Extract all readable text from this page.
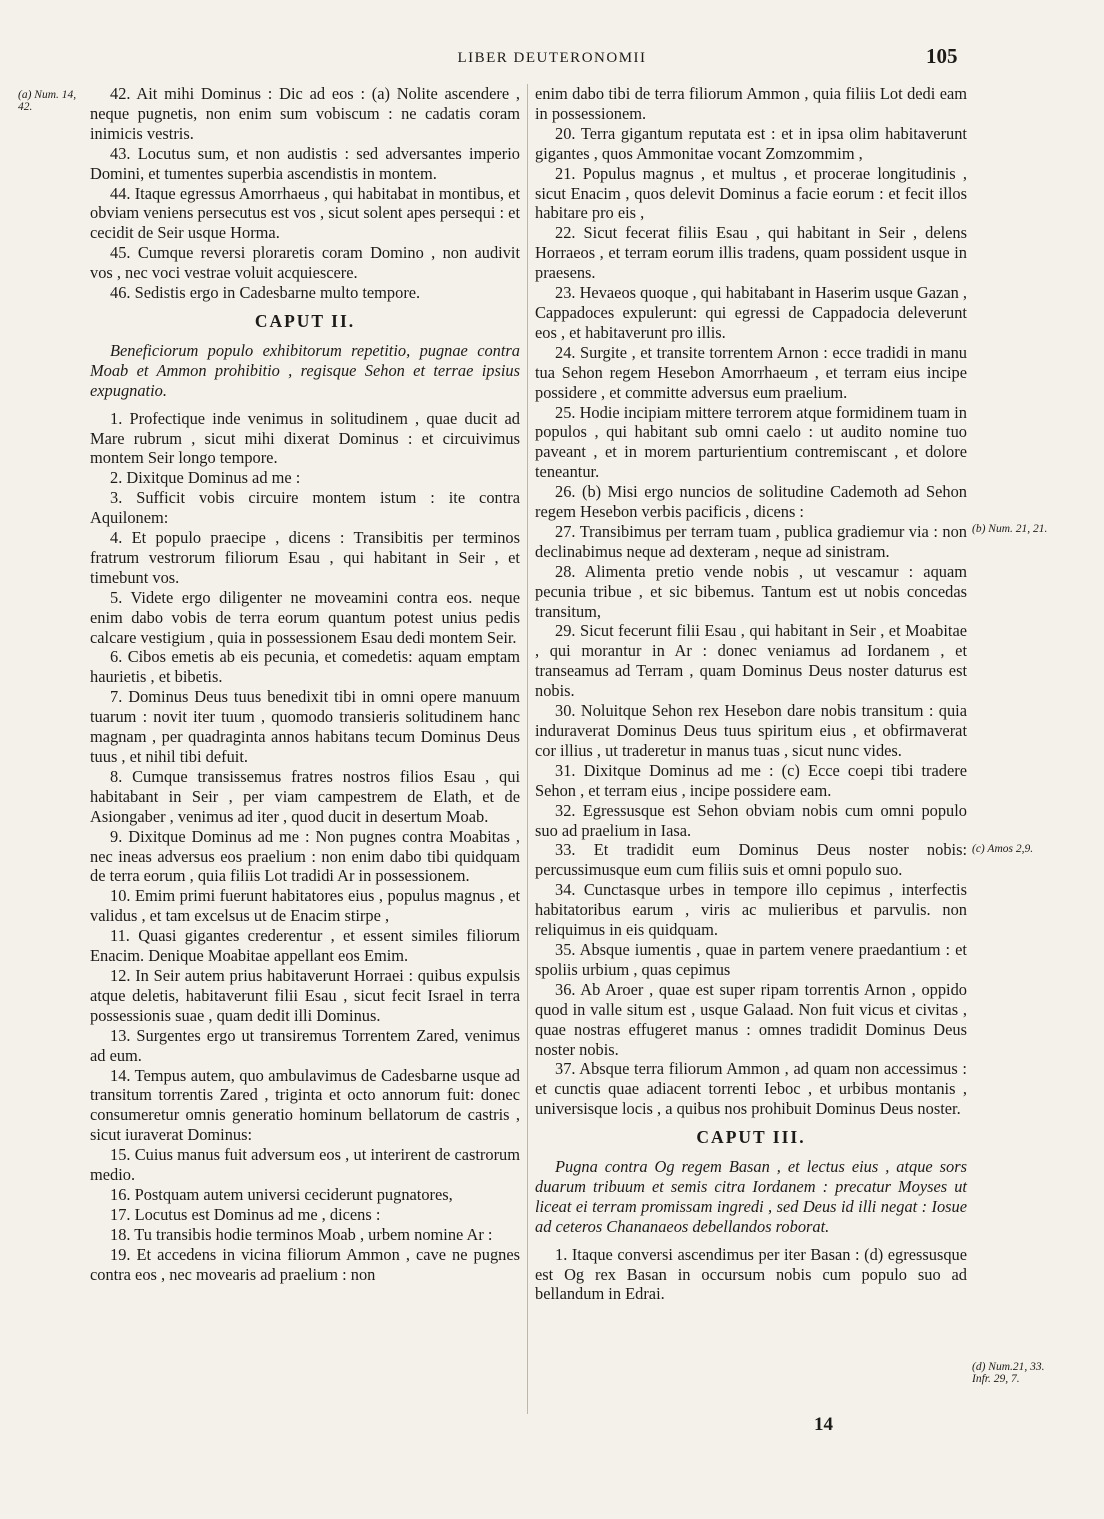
LIBER DEUTERONOMII	105
(a) Num. 14, 42.
(b) Num. 21, 21.
(c) Amos 2,9.
(d) Num.21, 33. Infr. 29, 7.

42. Ait mihi Dominus : Dic ad eos : (a) Nolite ascendere , neque pugnetis, non enim sum vobiscum : ne cadatis coram inimicis vestris.

43. Locutus sum, et non audistis : sed adversantes imperio Domini, et tumentes superbia ascendistis in montem.

44. Itaque egressus Amorrhaeus , qui habitabat in montibus, et obviam veniens persecutus est vos , sicut solent apes persequi : et cecidit de Seir usque Horma.

45. Cumque reversi ploraretis coram Domino , non audivit vos , nec voci vestrae voluit acquiescere.

46. Sedistis ergo in Cadesbarne multo tempore.

CAPUT II.

Beneficiorum populo exhibitorum repetitio, pugnae contra Moab et Ammon prohibitio , regisque Sehon et terrae ipsius expugnatio.

1. Profectique inde venimus in solitudinem , quae ducit ad Mare rubrum , sicut mihi dixerat Dominus : et circuivimus montem Seir longo tempore.

2. Dixitque Dominus ad me :

3. Sufficit vobis circuire montem istum : ite contra Aquilonem:

4. Et populo praecipe , dicens : Transibitis per terminos fratrum vestrorum filiorum Esau , qui habitant in Seir , et timebunt vos.

5. Videte ergo diligenter ne moveamini contra eos. neque enim dabo vobis de terra eorum quantum potest unius pedis calcare vestigium , quia in possessionem Esau dedi montem Seir.

6. Cibos emetis ab eis pecunia, et comedetis: aquam emptam haurietis , et bibetis.

7. Dominus Deus tuus benedixit tibi in omni opere manuum tuarum : novit iter tuum , quomodo transieris solitudinem hanc magnam , per quadraginta annos habitans tecum Dominus Deus tuus , et nihil tibi defuit.

8. Cumque transissemus fratres nostros filios Esau , qui habitabant in Seir , per viam campestrem de Elath, et de Asiongaber , venimus ad iter , quod ducit in desertum Moab.

9. Dixitque Dominus ad me : Non pugnes contra Moabitas , nec ineas adversus eos praelium : non enim dabo tibi quidquam de terra eorum , quia filiis Lot tradidi Ar in possessionem.

10. Emim primi fuerunt habitatores eius , populus magnus , et validus , et tam excelsus ut de Enacim stirpe ,

11. Quasi gigantes crederentur , et essent similes filiorum Enacim. Denique Moabitae appellant eos Emim.

12. In Seir autem prius habitaverunt Horraei : quibus expulsis atque deletis, habitaverunt filii Esau , sicut fecit Israel in terra possessionis suae , quam dedit illi Dominus.

13. Surgentes ergo ut transiremus Torrentem Zared, venimus ad eum.

14. Tempus autem, quo ambulavimus de Cadesbarne usque ad transitum torrentis Zared , triginta et octo annorum fuit: donec consumeretur omnis generatio hominum bellatorum de castris , sicut iuraverat Dominus:

15. Cuius manus fuit adversum eos , ut interirent de castrorum medio.

16. Postquam autem universi ceciderunt pugnatores,

17. Locutus est Dominus ad me , dicens :

18. Tu transibis hodie terminos Moab , urbem nomine Ar :

19. Et accedens in vicina filiorum Ammon , cave ne pugnes contra eos , nec movearis ad praelium : non

enim dabo tibi de terra filiorum Ammon , quia filiis Lot dedi eam in possessionem.

20. Terra gigantum reputata est : et in ipsa olim habitaverunt gigantes , quos Ammonitae vocant Zomzommim ,

21. Populus magnus , et multus , et procerae longitudinis , sicut Enacim , quos delevit Dominus a facie eorum : et fecit illos habitare pro eis ,

22. Sicut fecerat filiis Esau , qui habitant in Seir , delens Horraeos , et terram eorum illis tradens, quam possident usque in praesens.

23. Hevaeos quoque , qui habitabant in Haserim usque Gazan , Cappadoces expulerunt: qui egressi de Cappadocia deleverunt eos , et habitaverunt pro illis.

24. Surgite , et transite torrentem Arnon : ecce tradidi in manu tua Sehon regem Hesebon Amorrhaeum , et terram eius incipe possidere , et committe adversus eum praelium.

25. Hodie incipiam mittere terrorem atque formidinem tuam in populos , qui habitant sub omni caelo : ut audito nomine tuo paveant , et in morem parturientium contremiscant , et dolore teneantur.

26. (b) Misi ergo nuncios de solitudine Cademoth ad Sehon regem Hesebon verbis pacificis , dicens :

27. Transibimus per terram tuam , publica gradiemur via : non declinabimus neque ad dexteram , neque ad sinistram.

28. Alimenta pretio vende nobis , ut vescamur : aquam pecunia tribue , et sic bibemus. Tantum est ut nobis concedas transitum,

29. Sicut fecerunt filii Esau , qui habitant in Seir , et Moabitae , qui morantur in Ar : donec veniamus ad Iordanem , et transeamus ad Terram , quam Dominus Deus noster daturus est nobis.

30. Noluitque Sehon rex Hesebon dare nobis transitum : quia induraverat Dominus Deus tuus spiritum eius , et obfirmaverat cor illius , ut traderetur in manus tuas , sicut nunc vides.

31. Dixitque Dominus ad me : (c) Ecce coepi tibi tradere Sehon , et terram eius , incipe possidere eam.

32. Egressusque est Sehon obviam nobis cum omni populo suo ad praelium in Iasa.

33. Et tradidit eum Dominus Deus noster nobis: percussimusque eum cum filiis suis et omni populo suo.

34. Cunctasque urbes in tempore illo cepimus , interfectis habitatoribus earum , viris ac mulieribus et parvulis. non reliquimus in eis quidquam.

35. Absque iumentis , quae in partem venere praedantium : et spoliis urbium , quas cepimus

36. Ab Aroer , quae est super ripam torrentis Arnon , oppido quod in valle situm est , usque Galaad. Non fuit vicus et civitas , quae nostras effugeret manus : omnes tradidit Dominus Deus noster nobis.

37. Absque terra filiorum Ammon , ad quam non accessimus : et cunctis quae adiacent torrenti Ieboc , et urbibus montanis , universisque locis , a quibus nos prohibuit Dominus Deus noster.

CAPUT III.

Pugna contra Og regem Basan , et lectus eius , atque sors duarum tribuum et semis citra Iordanem : precatur Moyses ut liceat ei terram promissam ingredi , sed Deus id illi negat : Iosue ad ceteros Chananaeos debellandos roborat.

1. Itaque conversi ascendimus per iter Basan : (d) egressusque est Og rex Basan in occursum nobis cum populo suo ad bellandum in Edrai.

14
